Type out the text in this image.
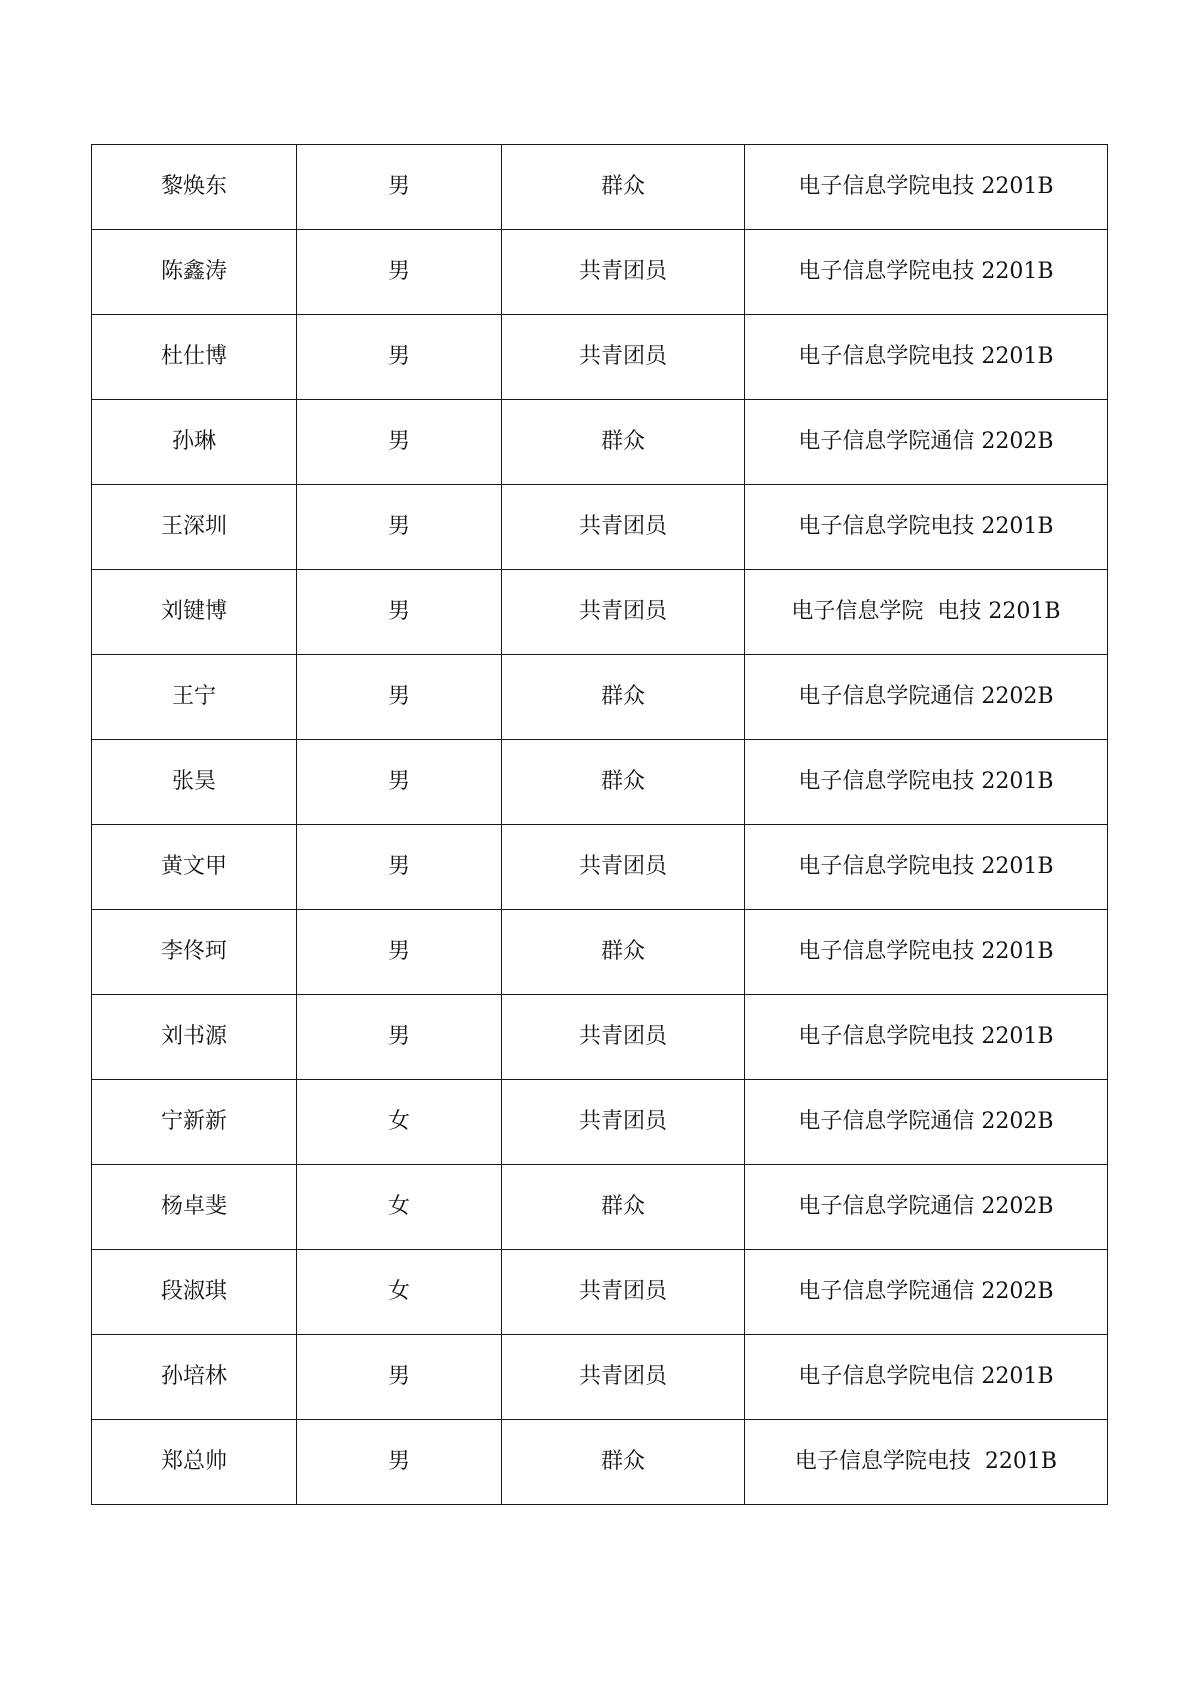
黎焕东	男	群众	电子信息学院电技 2201B
陈鑫涛	男	共青团员	电子信息学院电技 2201B
杜仕博	男	共青团员	电子信息学院电技 2201B
孙琳	男	群众	电子信息学院通信 2202B
王深圳	男	共青团员	电子信息学院电技 2201B
刘键博	男	共青团员	电子信息学院  电技 2201B
王宁	男	群众	电子信息学院通信 2202B
张昊	男	群众	电子信息学院电技 2201B
黄文甲	男	共青团员	电子信息学院电技 2201B
李佟珂	男	群众	电子信息学院电技 2201B
刘书源	男	共青团员	电子信息学院电技 2201B
宁新新	女	共青团员	电子信息学院通信 2202B
杨卓斐	女	群众	电子信息学院通信 2202B
段淑琪	女	共青团员	电子信息学院通信 2202B
孙培林	男	共青团员	电子信息学院电信 2201B
郑总帅	男	群众	电子信息学院电技  2201B
